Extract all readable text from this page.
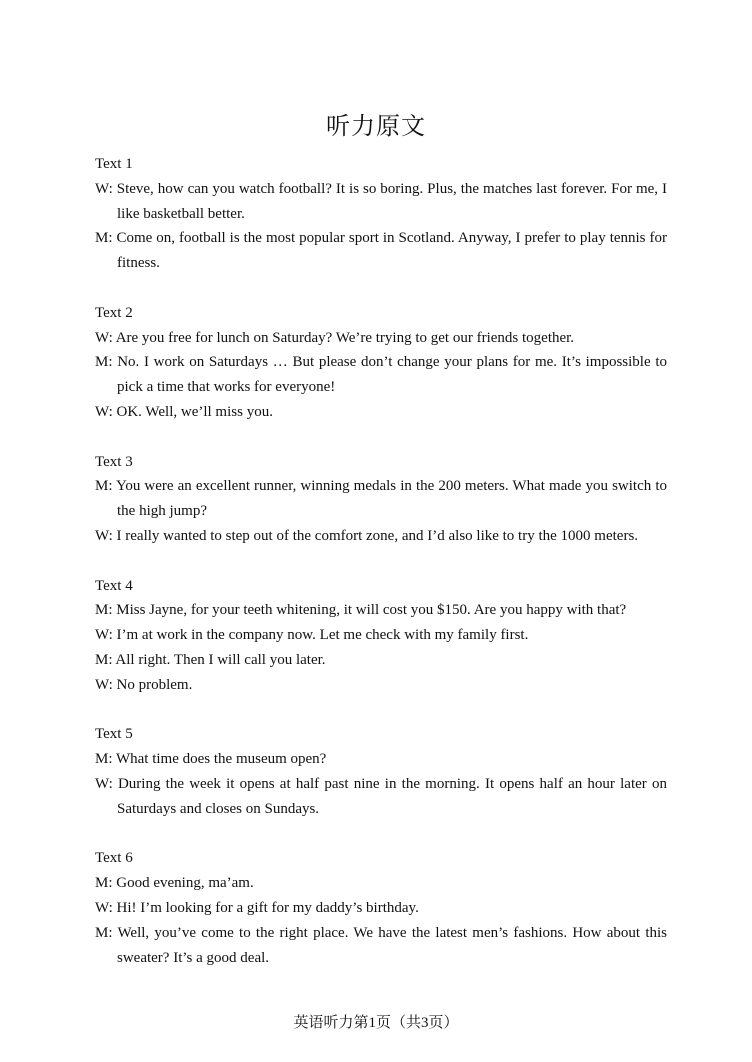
听力原文
Text 1
W: Steve, how can you watch football? It is so boring. Plus, the matches last forever. For me, I like basketball better.
M: Come on, football is the most popular sport in Scotland. Anyway, I prefer to play tennis for fitness.
Text 2
W: Are you free for lunch on Saturday? We’re trying to get our friends together.
M: No. I work on Saturdays … But please don’t change your plans for me. It’s impossible to pick a time that works for everyone!
W: OK. Well, we’ll miss you.
Text 3
M: You were an excellent runner, winning medals in the 200 meters. What made you switch to the high jump?
W: I really wanted to step out of the comfort zone, and I’d also like to try the 1000 meters.
Text 4
M: Miss Jayne, for your teeth whitening, it will cost you $150. Are you happy with that?
W: I’m at work in the company now. Let me check with my family first.
M: All right. Then I will call you later.
W: No problem.
Text 5
M: What time does the museum open?
W: During the week it opens at half past nine in the morning. It opens half an hour later on Saturdays and closes on Sundays.
Text 6
M: Good evening, ma’am.
W: Hi! I’m looking for a gift for my daddy’s birthday.
M: Well, you’ve come to the right place. We have the latest men’s fashions. How about this sweater? It’s a good deal.
英语听力第1页（共3页）
